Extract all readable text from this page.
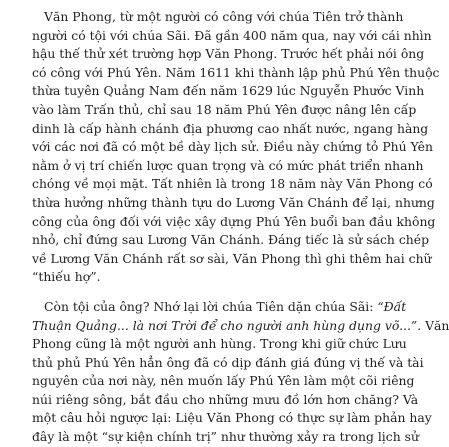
Văn Phong, từ một người có công với chúa Tiên trở thành
người có tội với chúa Sãi. Đã gần 400 năm qua, nay với cái nhìn
hậu thế thử xét trường hợp Văn Phong. Trước hết phải nói ông
có công với Phú Yên. Năm 1611 khi thành lập phủ Phú Yên thuộc
thừa tuyên Quảng Nam đến năm 1629 lúc Nguyễn Phước Vinh
vào làm Trấn thủ, chỉ sau 18 năm Phú Yên được nâng lên cấp
dinh là cấp hành chánh địa phương cao nhất nước, ngang hàng
với các nơi đã có một bề dày lịch sử. Điều này chứng tỏ Phú Yên
nằm ở vị trí chiến lược quan trọng và có mức phát triển nhanh
chóng về mọi mặt. Tất nhiên là trong 18 năm này Văn Phong có
thừa hưởng những thành tựu do Lương Văn Chánh để lại, nhưng
công của ông đối với việc xây dựng Phú Yên buổi ban đầu không
nhỏ, chỉ đứng sau Lương Văn Chánh. Đáng tiếc là sử sách chép
về Lương Văn Chánh rất sơ sài, Văn Phong thì ghi thêm hai chữ
“thiếu hợ”.
Còn tội của ông? Nhớ lại lời chúa Tiên dặn chúa Sãi: “Đất
Thuận Quảng... là nơi Trời để cho người anh hùng dụng võ...”. Văn
Phong cũng là một người anh hùng. Trong khi giữ chức Lưu
thủ phủ Phú Yên hẳn ông đã có dịp đánh giá đúng vị thế và tài
nguyên của nơi này, nên muốn lấy Phú Yên làm một cõi riêng
núi riêng sông, bắt đầu cho những mưu đồ lớn hơn chăng? Và
một câu hỏi ngược lại: Liệu Văn Phong có thực sự làm phản hay
đây là một “sự kiện chính trị” như thường xảy ra trong lịch sử
